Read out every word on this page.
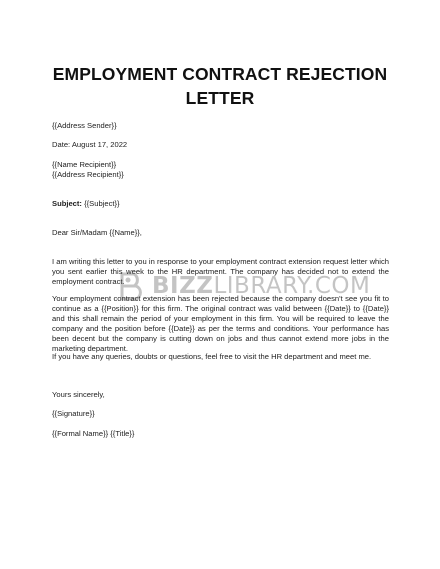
EMPLOYMENT CONTRACT REJECTION
LETTER
{{Address Sender}}
Date: August 17, 2022
{{Name Recipient}}
{{Address Recipient}}
Subject: {{Subject}}
Dear Sir/Madam {{Name}},
I am writing this letter to you in response to your employment contract extension request letter which you sent earlier this week to the HR department. The company has decided not to extend the employment contract.
Your employment contract extension has been rejected because the company doesn't see you fit to continue as a {{Position}} for this firm. The original contract was valid between {{Date}} to {{Date}} and this shall remain the period of your employment in this firm. You will be required to leave the company and the position before {{Date}} as per the terms and conditions. Your performance has been decent but the company is cutting down on jobs and thus cannot extend more jobs in the marketing department.
If you have any queries, doubts or questions, feel free to visit the HR department and meet me.
Yours sincerely,
{{Signature}}
{{Formal Name}} {{Title}}
BIZZLIBRARY.COM
